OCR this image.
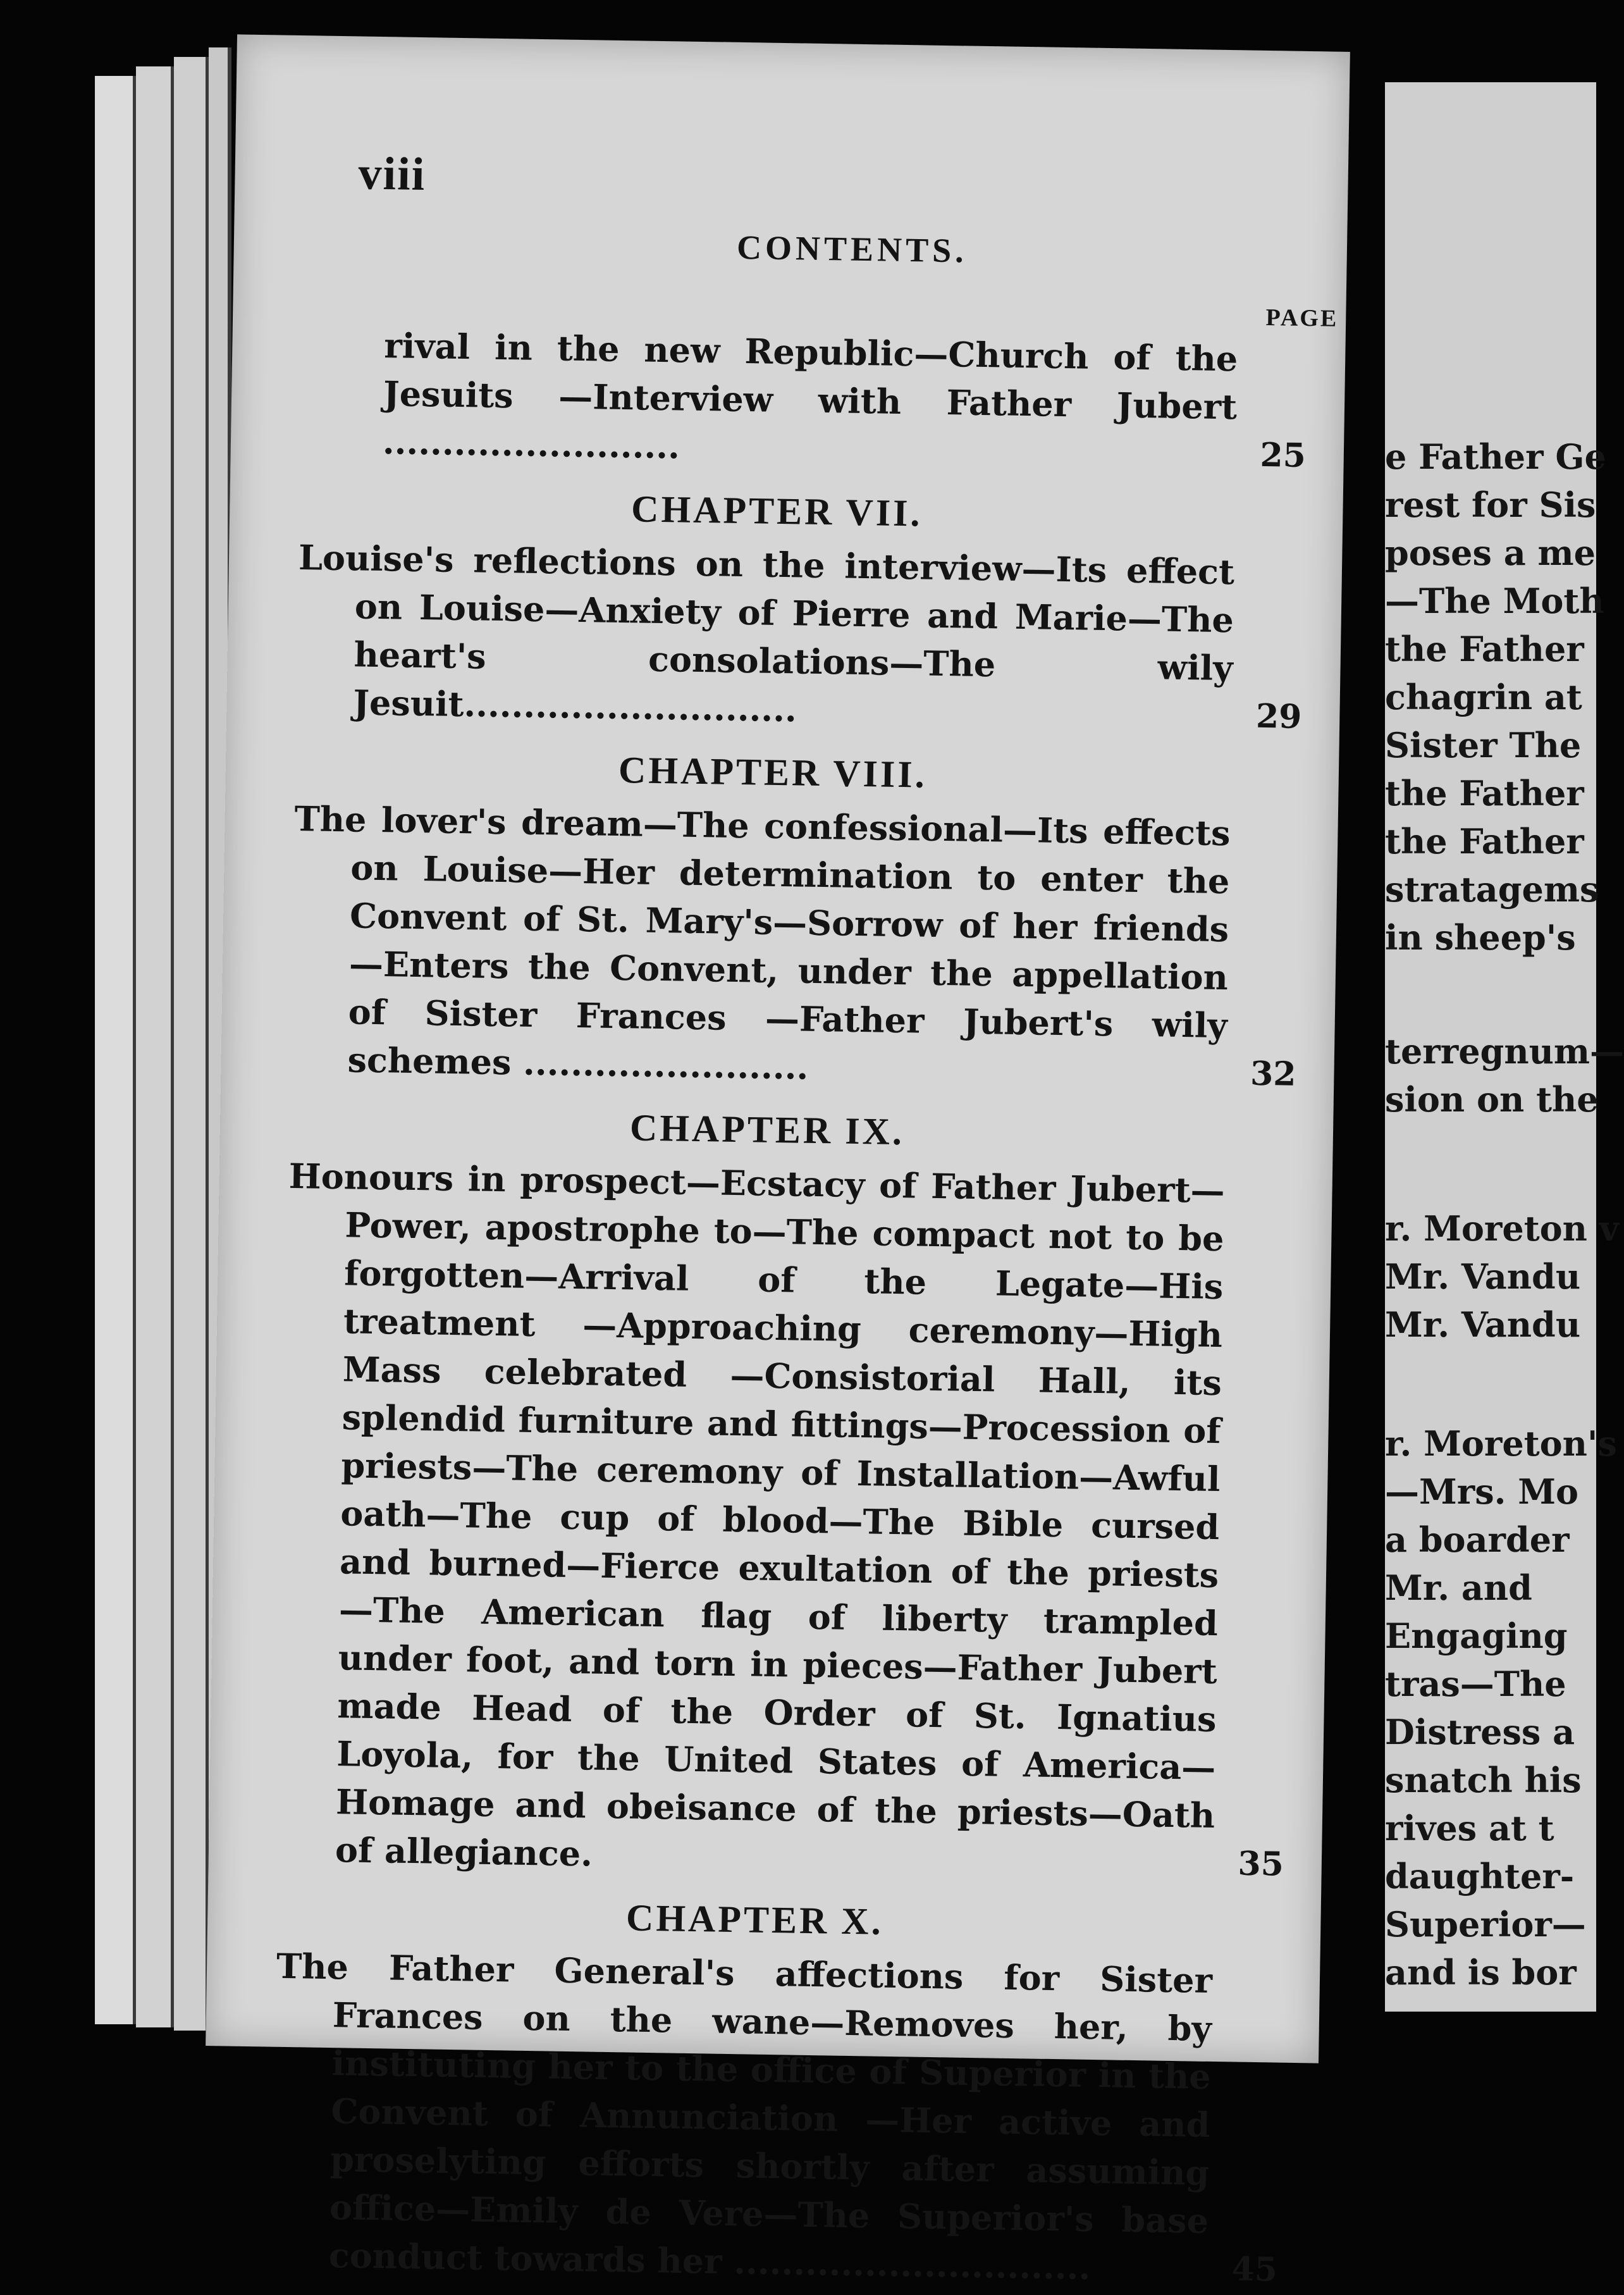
viii
CONTENTS.
PAGE
rival in the new Republic—Church of the Jesuits —Interview with Father Jubert .........................	25
CHAPTER VII.
Louise's reflections on the interview—Its effect on Louise—Anxiety of Pierre and Marie—The heart's consolations—The wily Jesuit............................	29
CHAPTER VIII.
The lover's dream—The confessional—Its effects on Louise—Her determination to enter the Convent of St. Mary's—Sorrow of her friends—Enters the Convent, under the appellation of Sister Frances —Father Jubert's wily schemes ........................	32
CHAPTER IX.
Honours in prospect—Ecstacy of Father Jubert—Power, apostrophe to—The compact not to be forgotten—Arrival of the Legate—His treatment —Approaching ceremony—High Mass celebrated —Consistorial Hall, its splendid furniture and fittings—Procession of priests—The ceremony of Installation—Awful oath—The cup of blood—The Bible cursed and burned—Fierce exultation of the priests—The American flag of liberty trampled under foot, and torn in pieces—Father Jubert made Head of the Order of St. Ignatius Loyola, for the United States of America—Homage and obeisance of the priests—Oath of allegiance.	35
CHAPTER X.
The Father General's affections for Sister Frances on the wane—Removes her, by instituting her to the office of Superior in the Convent of Annunciation —Her active and proselyting efforts shortly after assuming office—Emily de Vere—The Superior's base conduct towards her ..............................	45
e Father Ge
rest for Sis
poses a me
—The Moth
the Father
chagrin at
Sister The
the Father
the Father
stratagems
in sheep's
terregnum—
sion on the
r. Moreton v
Mr. Vandu
Mr. Vandu
r. Moreton's
—Mrs. Mo
a boarder
Mr. and
Engaging
tras—The
Distress a
snatch his
rives at t
daughter-
Superior—
and is bor
